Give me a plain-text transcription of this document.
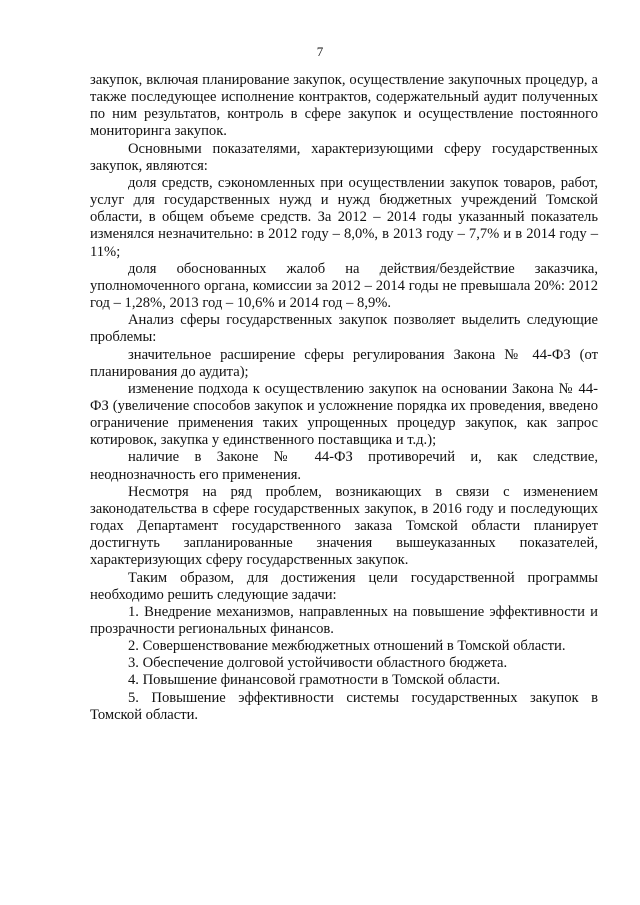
7

закупок, включая планирование закупок, осуществление закупочных процедур, а также последующее исполнение контрактов, содержательный аудит полученных по ним результатов, контроль в сфере закупок и осуществление постоянного мониторинга закупок.

Основными показателями, характеризующими сферу государственных закупок, являются:

доля средств, сэкономленных при осуществлении закупок товаров, работ, услуг для государственных нужд и нужд бюджетных учреждений Томской области, в общем объеме средств. За 2012 – 2014 годы указанный показатель изменялся незначительно: в 2012 году – 8,0%, в 2013 году – 7,7% и в 2014 году – 11%;

доля обоснованных жалоб на действия/бездействие заказчика, уполномоченного органа, комиссии за 2012 – 2014 годы не превышала 20%: 2012 год – 1,28%, 2013 год – 10,6% и 2014 год – 8,9%.

Анализ сферы государственных закупок позволяет выделить следующие проблемы:

значительное расширение сферы регулирования Закона № 44-ФЗ (от планирования до аудита);

изменение подхода к осуществлению закупок на основании Закона № 44-ФЗ (увеличение способов закупок и усложнение порядка их проведения, введено ограничение применения таких упрощенных процедур закупок, как запрос котировок, закупка у единственного поставщика и т.д.);

наличие в Законе № 44-ФЗ противоречий и, как следствие, неоднозначность его применения.

Несмотря на ряд проблем, возникающих в связи с изменением законодательства в сфере государственных закупок, в 2016 году и последующих годах Департамент государственного заказа Томской области планирует достигнуть запланированные значения вышеуказанных показателей, характеризующих сферу государственных закупок.

Таким образом, для достижения цели государственной программы необходимо решить следующие задачи:

1. Внедрение механизмов, направленных на повышение эффективности и прозрачности региональных финансов.

2. Совершенствование межбюджетных отношений в Томской области.

3. Обеспечение долговой устойчивости областного бюджета.

4. Повышение финансовой грамотности в Томской области.

5. Повышение эффективности системы государственных закупок в Томской области.
